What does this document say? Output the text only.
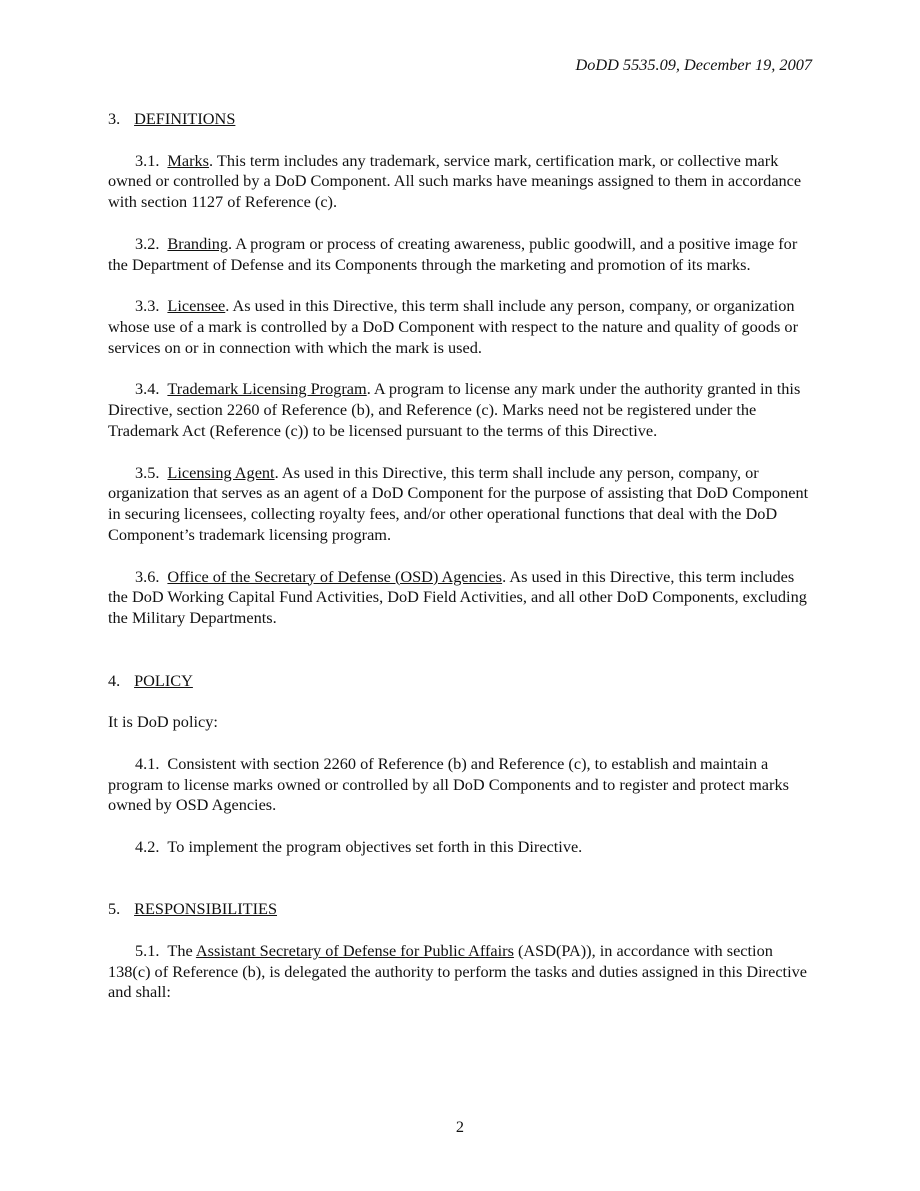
DoDD 5535.09, December 19, 2007
3. DEFINITIONS

3.1. Marks. This term includes any trademark, service mark, certification mark, or collective mark owned or controlled by a DoD Component. All such marks have meanings assigned to them in accordance with section 1127 of Reference (c).

3.2. Branding. A program or process of creating awareness, public goodwill, and a positive image for the Department of Defense and its Components through the marketing and promotion of its marks.

3.3. Licensee. As used in this Directive, this term shall include any person, company, or organization whose use of a mark is controlled by a DoD Component with respect to the nature and quality of goods or services on or in connection with which the mark is used.

3.4. Trademark Licensing Program. A program to license any mark under the authority granted in this Directive, section 2260 of Reference (b), and Reference (c). Marks need not be registered under the Trademark Act (Reference (c)) to be licensed pursuant to the terms of this Directive.

3.5. Licensing Agent. As used in this Directive, this term shall include any person, company, or organization that serves as an agent of a DoD Component for the purpose of assisting that DoD Component in securing licensees, collecting royalty fees, and/or other operational functions that deal with the DoD Component’s trademark licensing program.

3.6. Office of the Secretary of Defense (OSD) Agencies. As used in this Directive, this term includes the DoD Working Capital Fund Activities, DoD Field Activities, and all other DoD Components, excluding the Military Departments.

4. POLICY

It is DoD policy:

4.1. Consistent with section 2260 of Reference (b) and Reference (c), to establish and maintain a program to license marks owned or controlled by all DoD Components and to register and protect marks owned by OSD Agencies.

4.2. To implement the program objectives set forth in this Directive.

5. RESPONSIBILITIES

5.1. The Assistant Secretary of Defense for Public Affairs (ASD(PA)), in accordance with section 138(c) of Reference (b), is delegated the authority to perform the tasks and duties assigned in this Directive and shall:

2
